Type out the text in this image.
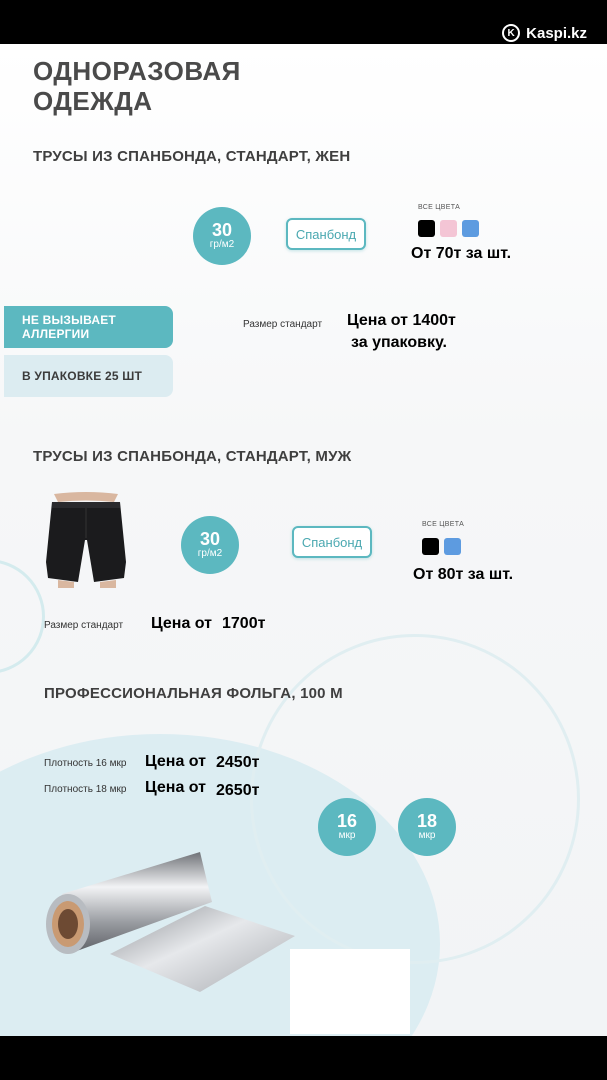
K Kaspi.kz
ОДНОРАЗОВАЯ
ОДЕЖДА
ТРУСЫ ИЗ СПАНБОНДА, СТАНДАРТ, ЖЕН
30
гр/м2
Спанбонд
ВСЕ ЦВЕТА
От 70т за шт.
НЕ ВЫЗЫВАЕТ АЛЛЕРГИИ
В УПАКОВКЕ 25 ШТ
Размер стандарт Цена от 1400т
за упаковку.
ТРУСЫ ИЗ СПАНБОНДА, СТАНДАРТ, МУЖ
30
гр/м2
Спанбонд
ВСЕ ЦВЕТА
От 80т за шт.
Размер стандарт Цена от 1700т
ПРОФЕССИОНАЛЬНАЯ ФОЛЬГА, 100 М
Плотность 16 мкр Цена от 2450т
Плотность 18 мкр Цена от 2650т
16
мкр
18
мкр
